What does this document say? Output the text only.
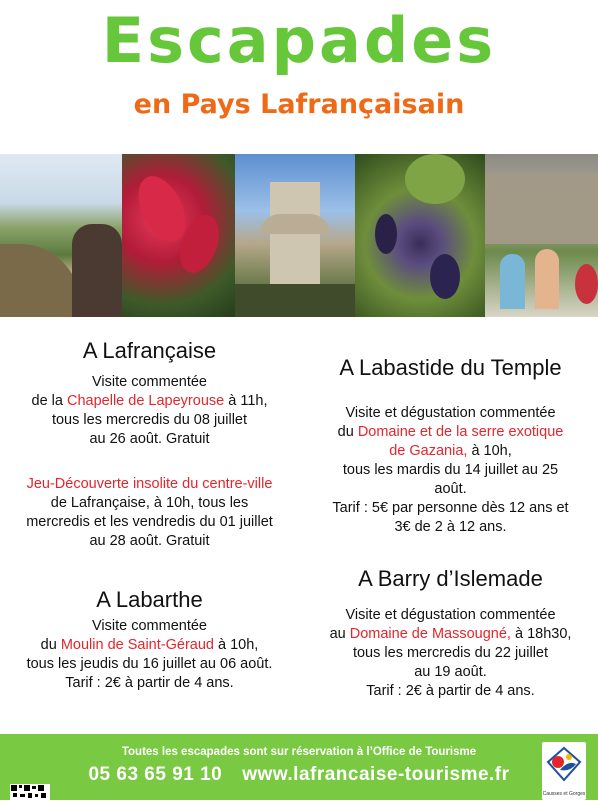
Escapades
en Pays Lafrançaisain
A Lafrançaise
Visite commentée
de la Chapelle de Lapeyrouse à 11h,
tous les mercredis du 08 juillet
au 26 août. Gratuit
Jeu-Découverte insolite du centre-ville
de Lafrançaise, à 10h, tous les
mercredis et les vendredis du 01 juillet
au 28 août. Gratuit
A Labarthe
Visite commentée
du Moulin de Saint-Géraud à 10h,
tous les jeudis du 16 juillet au 06 août.
Tarif : 2€ à partir de 4 ans.
A Labastide du Temple
Visite et dégustation commentée
du Domaine et de la serre exotique
de Gazania, à 10h,
tous les mardis du 14 juillet au 25
août.
Tarif : 5€ par personne dès 12 ans et
3€ de 2 à 12 ans.
A Barry d’Islemade
Visite et dégustation commentée
au Domaine de Massougné, à 18h30,
tous les mercredis du 22 juillet
au 19 août.
Tarif : 2€ à partir de 4 ans.
Toutes les escapades sont sur réservation à l’Office de Tourisme
05 63 65 91 10 www.lafrancaise-tourisme.fr
Causses et Gorges
